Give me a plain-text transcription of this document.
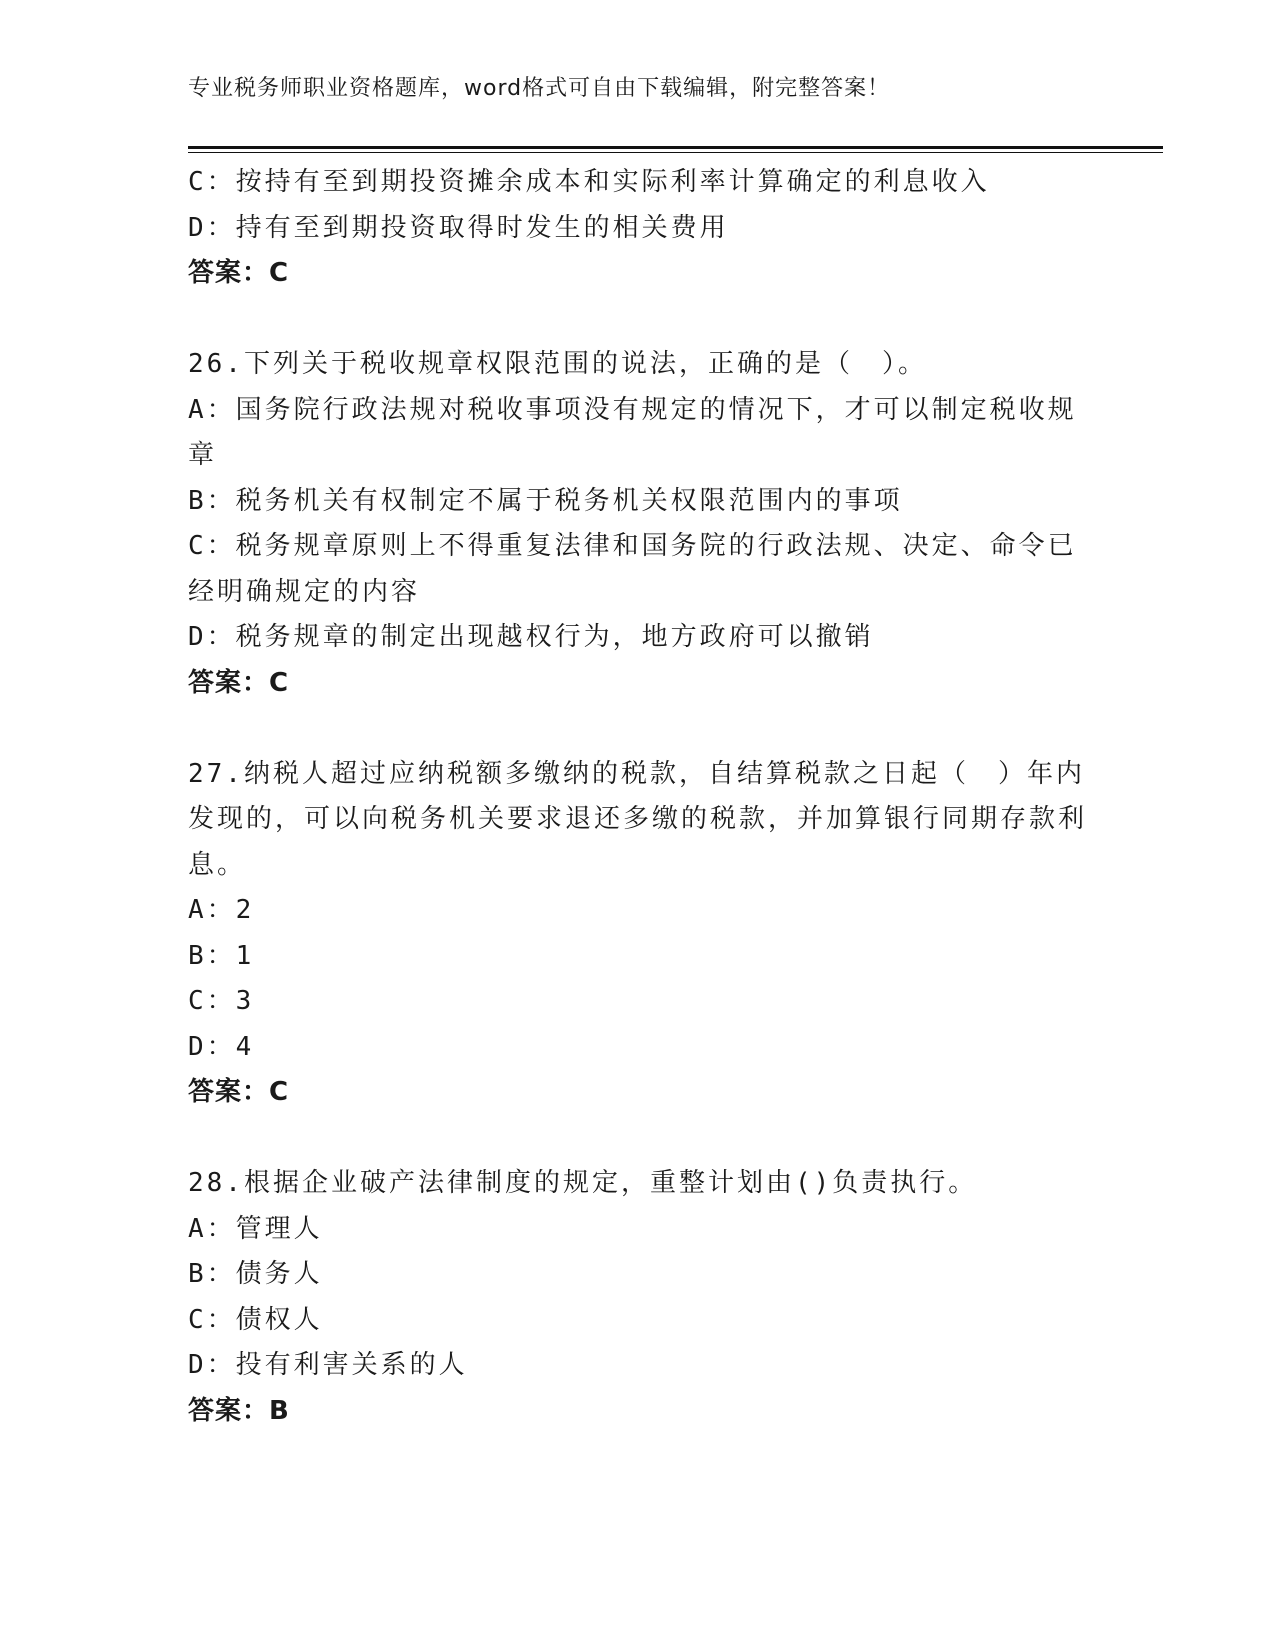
专业税务师职业资格题库，word格式可自由下载编辑，附完整答案！

C：按持有至到期投资摊余成本和实际利率计算确定的利息收入

D：持有至到期投资取得时发生的相关费用

答案：C

26.下列关于税收规章权限范围的说法，正确的是（　）。

A：国务院行政法规对税收事项没有规定的情况下，才可以制定税收规章

B：税务机关有权制定不属于税务机关权限范围内的事项

C：税务规章原则上不得重复法律和国务院的行政法规、决定、命令已经明确规定的内容

D：税务规章的制定出现越权行为，地方政府可以撤销

答案：C

27.纳税人超过应纳税额多缴纳的税款，自结算税款之日起（　）年内发现的，可以向税务机关要求退还多缴的税款，并加算银行同期存款利息。

A：2

B：1

C：3

D：4

答案：C

28.根据企业破产法律制度的规定，重整计划由()负责执行。

A：管理人

B：债务人

C：债权人

D：投有利害关系的人

答案：B
